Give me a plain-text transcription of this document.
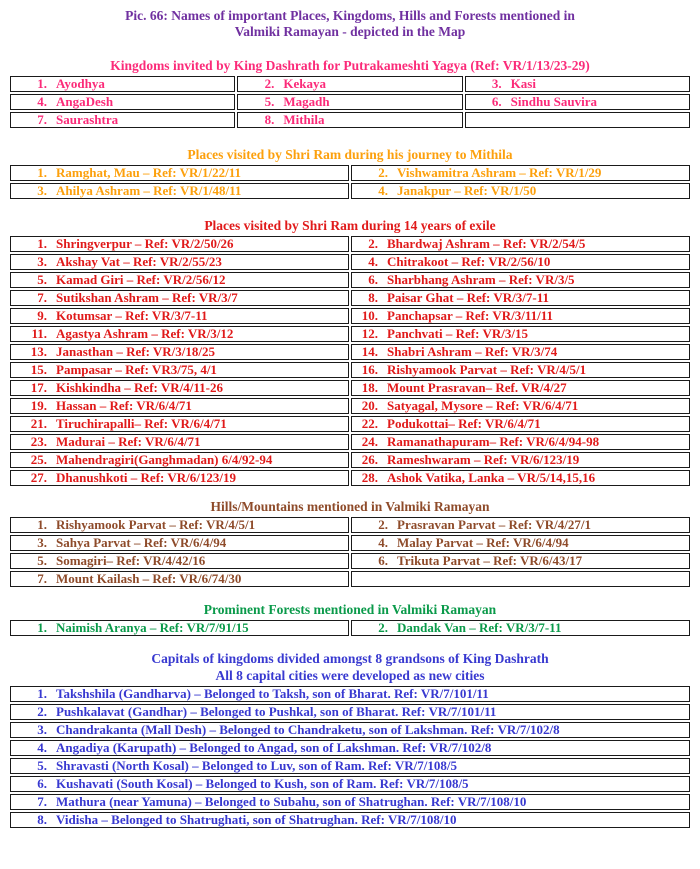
Pic. 66: Names of important Places, Kingdoms, Hills and Forests mentioned in
Valmiki Ramayan - depicted in the Map
Kingdoms invited by King Dashrath for Putrakameshti Yagya (Ref: VR/1/13/23-29)
1. Ayodhya	2. Kekaya	3. Kasi
4. AngaDesh	5. Magadh	6. Sindhu Sauvira
7. Saurashtra	8. Mithila	
Places visited by Shri Ram during his journey to Mithila
1. Ramghat, Mau – Ref: VR/1/22/11	2. Vishwamitra Ashram – Ref: VR/1/29
3. Ahilya Ashram – Ref: VR/1/48/11	4. Janakpur – Ref: VR/1/50
Places visited by Shri Ram during 14 years of exile
1. Shringverpur – Ref: VR/2/50/26	2. Bhardwaj Ashram – Ref: VR/2/54/5
3. Akshay Vat – Ref: VR/2/55/23	4. Chitrakoot – Ref: VR/2/56/10
5. Kamad Giri – Ref: VR/2/56/12	6. Sharbhang Ashram – Ref: VR/3/5
7. Sutikshan Ashram – Ref: VR/3/7	8. Paisar Ghat – Ref: VR/3/7-11
9. Kotumsar – Ref: VR/3/7-11	10. Panchapsar – Ref: VR/3/11/11
11. Agastya Ashram – Ref: VR/3/12	12. Panchvati – Ref: VR/3/15
13. Janasthan – Ref: VR/3/18/25	14. Shabri Ashram – Ref: VR/3/74
15. Pampasar – Ref: VR3/75, 4/1	16. Rishyamook Parvat – Ref: VR/4/5/1
17. Kishkindha – Ref: VR/4/11-26	18. Mount Prasravan– Ref. VR/4/27
19. Hassan – Ref: VR/6/4/71	20. Satyagal, Mysore – Ref: VR/6/4/71
21. Tiruchirapalli– Ref: VR/6/4/71	22. Podukottai– Ref: VR/6/4/71
23. Madurai – Ref: VR/6/4/71	24. Ramanathapuram– Ref: VR/6/4/94-98
25. Mahendragiri(Ganghmadan) 6/4/92-94	26. Rameshwaram – Ref: VR/6/123/19
27. Dhanushkoti – Ref: VR/6/123/19	28. Ashok Vatika, Lanka – VR/5/14,15,16
Hills/Mountains mentioned in Valmiki Ramayan
1. Rishyamook Parvat – Ref: VR/4/5/1	2. Prasravan Parvat – Ref: VR/4/27/1
3. Sahya Parvat – Ref: VR/6/4/94	4. Malay Parvat – Ref: VR/6/4/94
5. Somagiri– Ref: VR/4/42/16	6. Trikuta Parvat – Ref: VR/6/43/17
7. Mount Kailash – Ref: VR/6/74/30	
Prominent Forests mentioned in Valmiki Ramayan
1. Naimish Aranya – Ref: VR/7/91/15	2. Dandak Van – Ref: VR/3/7-11
Capitals of kingdoms divided amongst 8 grandsons of King Dashrath
All 8 capital cities were developed as new cities
1. Takshshila (Gandharva) – Belonged to Taksh, son of Bharat. Ref: VR/7/101/11
2. Pushkalavat (Gandhar) – Belonged to Pushkal, son of Bharat. Ref: VR/7/101/11
3. Chandrakanta (Mall Desh) – Belonged to Chandraketu, son of Lakshman. Ref: VR/7/102/8
4. Angadiya (Karupath) – Belonged to Angad, son of Lakshman. Ref: VR/7/102/8
5. Shravasti (North Kosal) – Belonged to Luv, son of Ram. Ref: VR/7/108/5
6. Kushavati (South Kosal) – Belonged to Kush, son of Ram. Ref: VR/7/108/5
7. Mathura (near Yamuna) – Belonged to Subahu, son of Shatrughan. Ref: VR/7/108/10
8. Vidisha – Belonged to Shatrughati, son of Shatrughan. Ref: VR/7/108/10
